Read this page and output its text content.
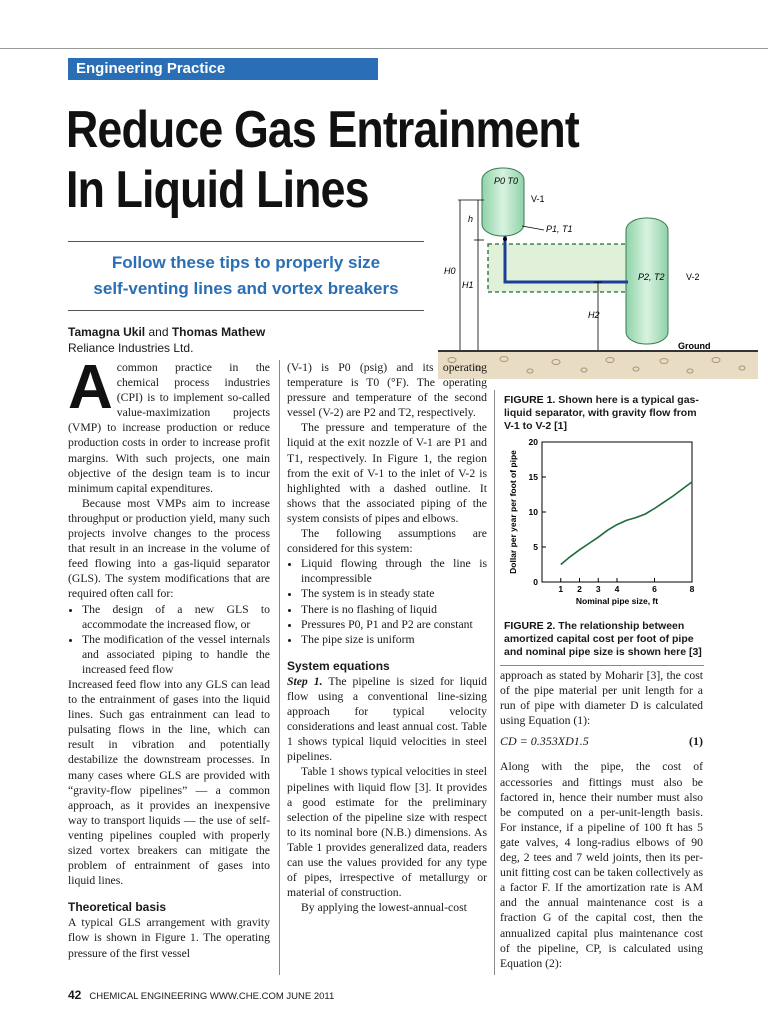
Engineering Practice
Reduce Gas Entrainment
In Liquid Lines
Follow these tips to properly size
self-venting lines and vortex breakers
Tamagna Ukil and Thomas Mathew
Reliance Industries Ltd.
P0 T0
V-1
h
P1, T1
H0
H1
P2, T2 V-2
H2
Ground

Acommon practice in the chemical process industries (CPI) is to implement so-called value-maximization projects (VMP) to increase production or reduce production costs in order to increase profit margins. With such projects, one main objective of the design team is to incur minimum capital expenditures.

Because most VMPs aim to increase throughput or production yield, many such projects involve changes to the process that result in an increase in the volume of feed flowing into a gas-liquid separator (GLS). The system modifications that are required often call for:

• The design of a new GLS to accommodate the increased flow, or
• The modification of the vessel internals and associated piping to handle the increased feed flow

Increased feed flow into any GLS can lead to the entrainment of gases into the liquid lines. Such gas entrainment can lead to pulsating flows in the line, which can result in vibration and potentially destabilize the downstream processes. In many cases where GLS are provided with “gravity-flow pipelines” — a common approach, as it provides an inexpensive way to transport liquids — the use of self-venting pipelines coupled with properly sized vortex breakers can mitigate the problem of entrainment of gases into liquid lines.

Theoretical basis

A typical GLS arrangement with gravity flow is shown in Figure 1. The operating pressure of the first vessel

(V-1) is P0 (psig) and its operating temperature is T0 (°F). The operating pressure and temperature of the second vessel (V-2) are P2 and T2, respectively.

The pressure and temperature of the liquid at the exit nozzle of V-1 are P1 and T1, respectively. In Figure 1, the region from the exit of V-1 to the inlet of V-2 is highlighted with a dashed outline. It shows that the associated piping of the system consists of pipes and elbows.

The following assumptions are considered for this system:

• Liquid flowing through the line is incompressible
• The system is in steady state
• There is no flashing of liquid
• Pressures P0, P1 and P2 are constant
• The pipe size is uniform
System equations

Step 1. The pipeline is sized for liquid flow using a conventional line-sizing approach for typical velocity considerations and least annual cost. Table 1 shows typical liquid velocities in steel pipelines.

Table 1 shows typical velocities in steel pipelines with liquid flow [3]. It provides a good estimate for the preliminary selection of the pipeline size with respect to its nominal bore (N.B.) dimensions. As Table 1 provides generalized data, readers can use the values provided for any type of pipes, irrespective of metallurgy or material of construction.

By applying the lowest-annual-cost

FIGURE 1. Shown here is a typical gas-liquid separator, with gravity flow from V-1 to V-2 [1]
1 2 3 4	6	8
0
5
10
15
20
Nominal pipe size, ft
Dollar per year per foot of pipe
FIGURE 2. The relationship between amortized capital cost per foot of pipe and nominal pipe size is shown here [3]

approach as stated by Moharir [3], the cost of the pipe material per unit length for a run of pipe with diameter D is calculated using Equation (1):

CD = 0.353XD1.5	(1)

Along with the pipe, the cost of accessories and fittings must also be factored in, hence their number must also be computed on a per-unit-length basis. For instance, if a pipeline of 100 ft has 5 gate valves, 4 long-radius elbows of 90 deg, 2 tees and 7 weld joints, then its per-unit fitting cost can be taken collectively as a factor F. If the amortization rate is AM and the annual maintenance cost is a fraction G of the capital cost, then the annualized capital plus maintenance cost of the pipeline, CP, is calculated using Equation (2):

42 CHEMICAL ENGINEERING WWW.CHE.COM JUNE 2011
